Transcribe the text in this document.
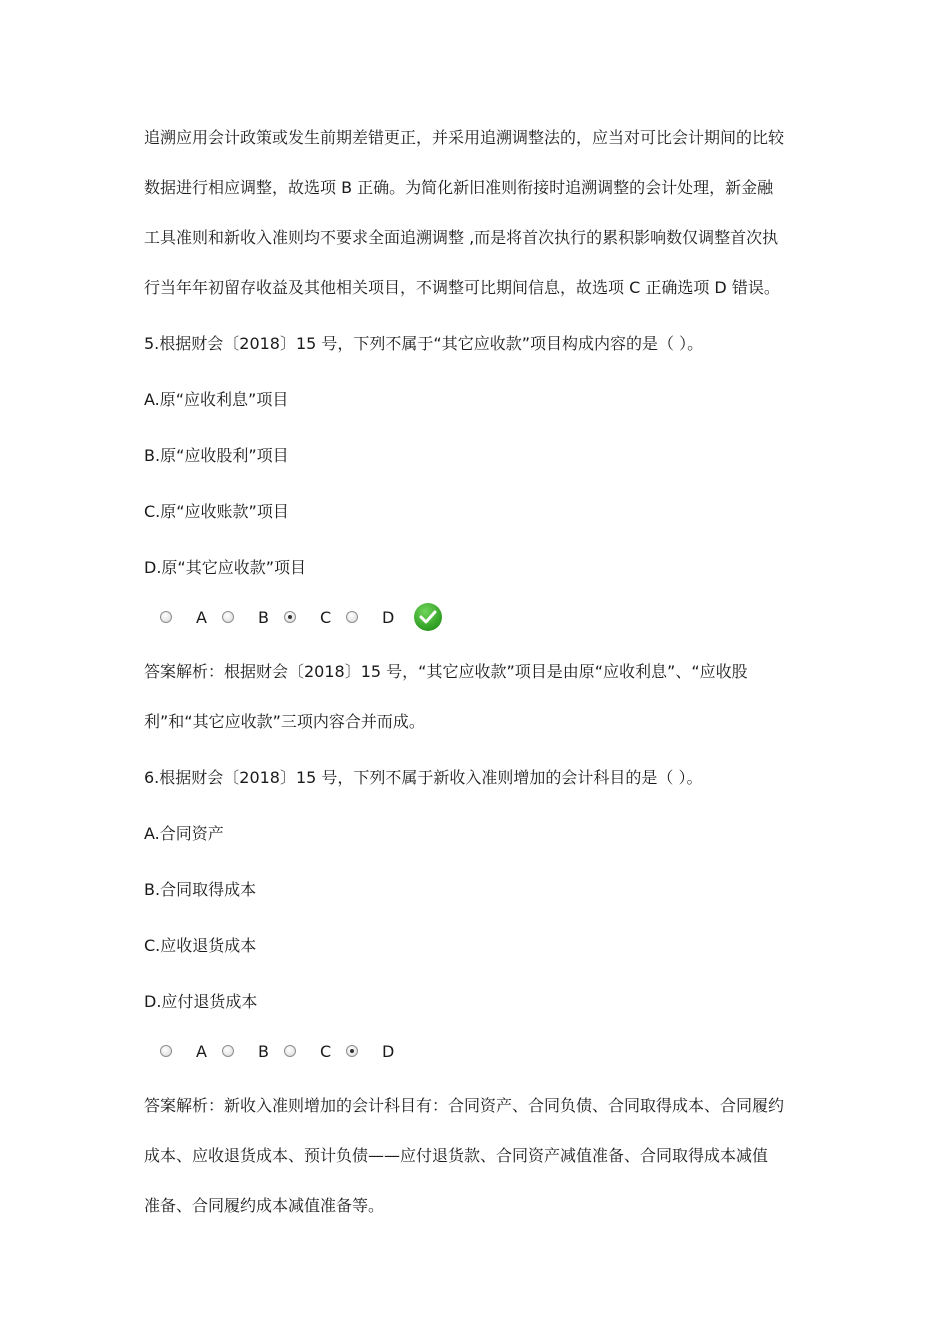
追溯应用会计政策或发生前期差错更正，并采用追溯调整法的，应当对可比会计期间的比较
数据进行相应调整，故选项 B 正确。为简化新旧准则衔接时追溯调整的会计处理，新金融
工具准则和新收入准则均不要求全面追溯调整 ,而是将首次执行的累积影响数仅调整首次执
行当年年初留存收益及其他相关项目，不调整可比期间信息，故选项 C 正确选项 D 错误。
5.根据财会〔2018〕15 号，下列不属于“其它应收款”项目构成内容的是（ ）。
A.原“应收利息”项目
B.原“应收股利”项目
C.原“应收账款”项目
D.原“其它应收款”项目
A	B	C	D
答案解析：根据财会〔2018〕15 号，“其它应收款”项目是由原“应收利息”、“应收股
利”和“其它应收款”三项内容合并而成。
6.根据财会〔2018〕15 号，下列不属于新收入准则增加的会计科目的是（ ）。
A.合同资产
B.合同取得成本
C.应收退货成本
D.应付退货成本
A	B	C	D
答案解析：新收入准则增加的会计科目有：合同资产、合同负债、合同取得成本、合同履约
成本、应收退货成本、预计负债——应付退货款、合同资产减值准备、合同取得成本减值
准备、合同履约成本减值准备等。
